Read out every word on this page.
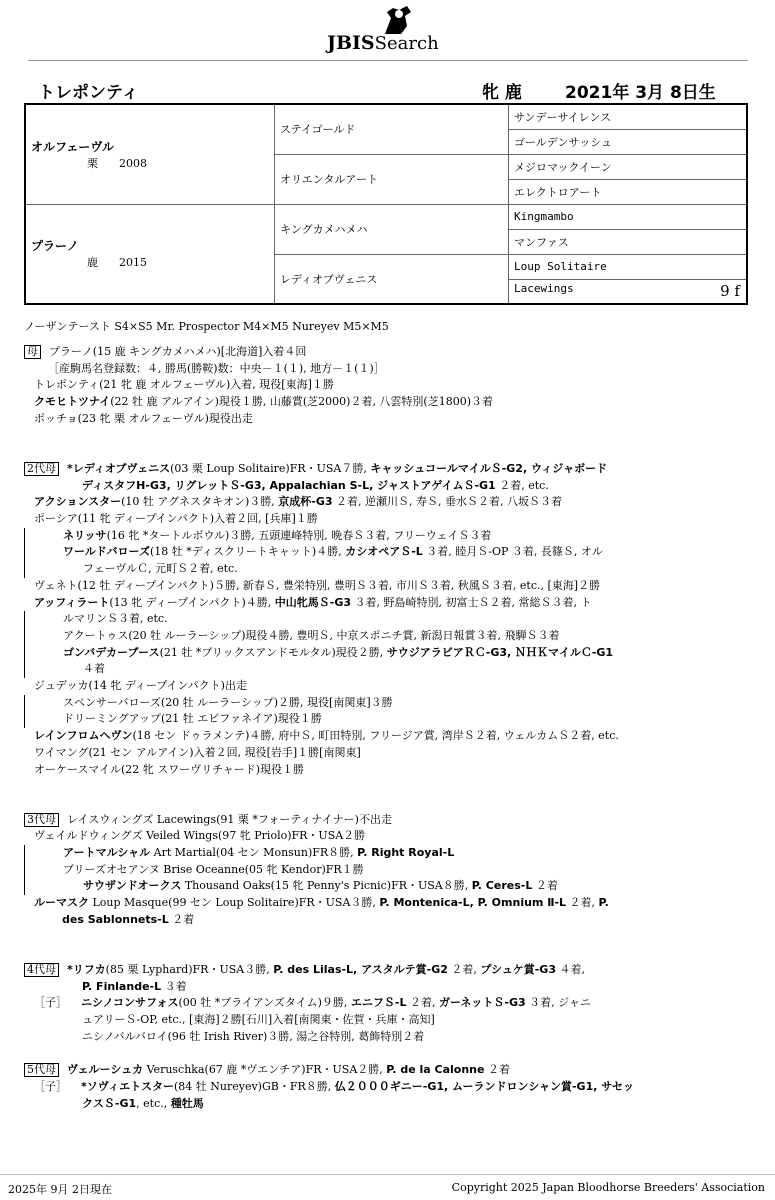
JBISSearch
トレポンティ	牝 鹿	2021年 3月 8日生
オルフェーヴル
栗 2008	ステイゴールド	サンデーサイレンス
		ゴールデンサッシュ
	オリエンタルアート	メジロマックイーン
		エレクトロアート

プラーノ
鹿 2015	キングカメハメハ	Kingmambo
		マンファス
	レディオブヴェニス	Loup Solitaire
		Lacewings 9 f
ノーザンテースト S4×S5 Mr. Prospector M4×M5 Nureyev M5×M5
母 プラーノ(15 鹿 キングカメハメハ)[北海道]入着４回
［産駒馬名登録数：４, 勝馬(勝鞍)数：中央－１(１), 地方－１(１)］
トレポンティ(21 牝 鹿 オルフェーヴル)入着, 現役[東海]１勝
クモヒトツナイ(22 牡 鹿 アルアイン)現役１勝, 山藤賞(芝2000)２着, 八雲特別(芝1800)３着
ポッチョ(23 牝 栗 オルフェーヴル)現役出走
2代母 *レディオブヴェニス(03 栗 Loup Solitaire)FR・USA７勝, キャッシュコールマイルＳ-G2, ウィジャボード
ディスタフH-G3, リグレットＳ-G3, Appalachian S-L, ジャストアゲイムＳ-G1 ２着, etc.
アクションスター(10 牡 アグネスタキオン)３勝, 京成杯-G3 ２着, 逆瀬川Ｓ, 寿Ｓ, 垂水Ｓ２着, 八坂Ｓ３着
ポーシア(11 牝 ディープインパクト)入着２回, [兵庫]１勝
ネリッサ(16 牝 *タートルボウル)３勝, 五頭連峰特別, 晩春Ｓ３着, フリーウェイＳ３着
ワールドバローズ(18 牡 *ディスクリートキャット)４勝, カシオペアＳ-L ３着, 睦月Ｓ-OP ３着, 長篠Ｓ, オル
フェーヴルＣ, 元町Ｓ２着, etc.
ヴェネト(12 牡 ディープインパクト)５勝, 新春Ｓ, 豊栄特別, 豊明Ｓ３着, 市川Ｓ３着, 秋風Ｓ３着, etc., [東海]２勝
アッフィラート(13 牝 ディープインパクト)４勝, 中山牝馬Ｓ-G3 ３着, 野島崎特別, 初富士Ｓ２着, 常総Ｓ３着, ト
ルマリンＳ３着, etc.
アクートゥス(20 牡 ルーラーシップ)現役４勝, 豊明Ｓ, 中京スポニチ賞, 新潟日報賞３着, 飛騨Ｓ３着
ゴンバデカーブース(21 牡 *ブリックスアンドモルタル)現役２勝, サウジアラビアＲＣ-G3, ＮＨＫマイルＣ-G1
４着
ジュデッカ(14 牝 ディープインパクト)出走
スペンサーバローズ(20 牡 ルーラーシップ)２勝, 現役[南関東]３勝
ドリーミングアップ(21 牡 エピファネイア)現役１勝
レインフロムヘヴン(18 セン ドゥラメンテ)４勝, 府中Ｓ, 町田特別, フリージア賞, 湾岸Ｓ２着, ウェルカムＳ２着, etc.
ワイマング(21 セン アルアイン)入着２回, 現役[岩手]１勝[南関東]
オーケースマイル(22 牝 スワーヴリチャード)現役１勝
3代母 レイスウィングズ Lacewings(91 栗 *フォーティナイナー)不出走
ヴェイルドウィングズ Veiled Wings(97 牝 Priolo)FR・USA２勝
アートマルシャル Art Martial(04 セン Monsun)FR８勝, P. Right Royal-L
ブリーズオセアンヌ Brise Oceanne(05 牝 Kendor)FR１勝
サウザンドオークス Thousand Oaks(15 牝 Penny's Picnic)FR・USA８勝, P. Ceres-L ２着
ルーマスク Loup Masque(99 セン Loup Solitaire)FR・USA３勝, P. Montenica-L, P. Omnium Ⅱ-L ２着, P.
des Sablonnets-L ２着
4代母 *リフカ(85 栗 Lyphard)FR・USA３勝, P. des Lilas-L, アスタルテ賞-G2 ２着, プシュケ賞-G3 ４着,
P. Finlande-L ３着
［子］ ニシノコンサフォス(00 牡 *ブライアンズタイム)９勝, エニフＳ-L ２着, ガーネットＳ-G3 ３着, ジャニ
ュアリーＳ-OP, etc., [東海]２勝[石川]入着[南関東・佐賀・兵庫・高知]
ニシノバルバロイ(96 牡 Irish River)３勝, 湯之谷特別, 葛飾特別２着
5代母 ヴェルーシュカ Veruschka(67 鹿 *ヴエンチア)FR・USA２勝, P. de la Calonne ２着
［子］ *ソヴィエトスター(84 牡 Nureyev)GB・FR８勝, 仏２０００ギニー-G1, ムーランドロンシャン賞-G1, サセッ
クスＳ-G1, etc., 種牡馬
2025年 9月 2日現在	Copyright 2025 Japan Bloodhorse Breeders' Association
